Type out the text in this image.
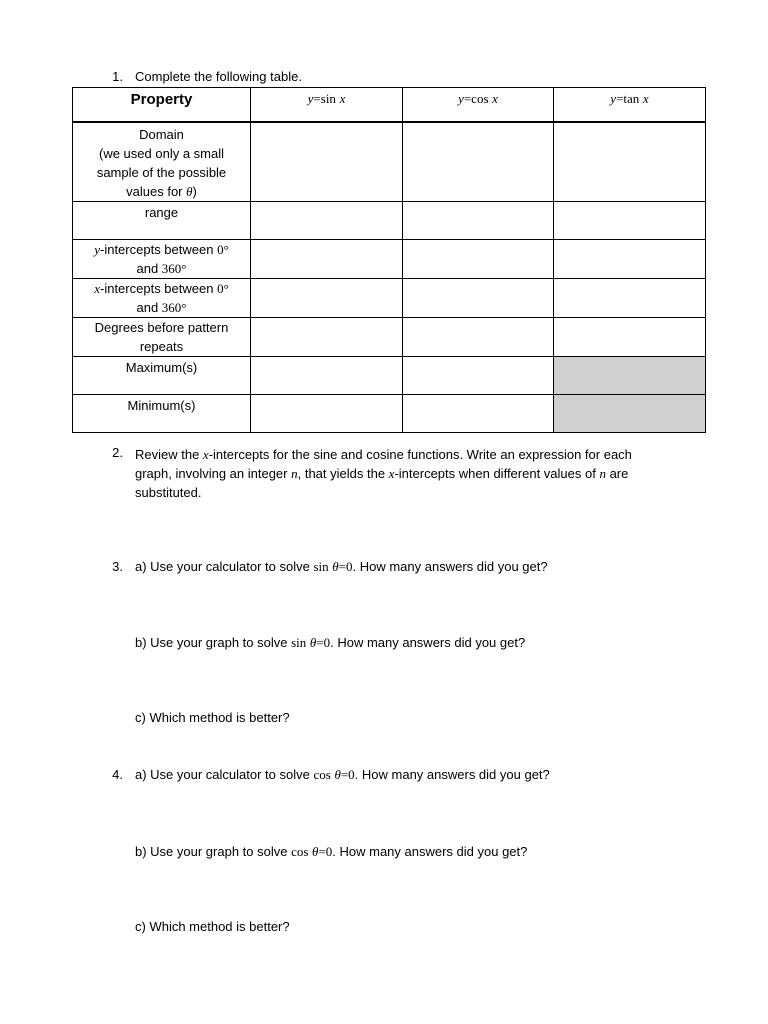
1. Complete the following table.
Property	y=sin x	y=cos x	y=tan x

Domain
(we used only a small
sample of the possible
values for θ)			

range			

y-intercepts between 0°
and 360°			

x-intercepts between 0°
and 360°			

Degrees before pattern
repeats			

Maximum(s)			
Minimum(s)			
2. Review the x-intercepts for the sine and cosine functions. Write an expression for each
graph, involving an integer n, that yields the x-intercepts when different values of n are
substituted.
3. a) Use your calculator to solve sin θ=0. How many answers did you get?
b) Use your graph to solve sin θ=0. How many answers did you get?
c) Which method is better?
4. a) Use your calculator to solve cos θ=0. How many answers did you get?
b) Use your graph to solve cos θ=0. How many answers did you get?
c) Which method is better?
